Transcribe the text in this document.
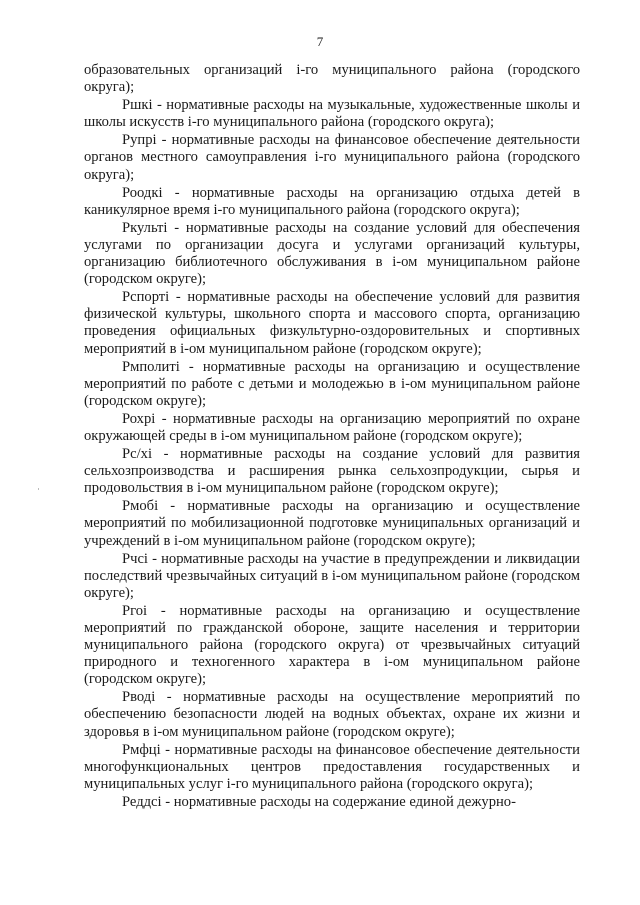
7

образовательных организаций i-го муниципального района (городского округа);

Ршкi - нормативные расходы на музыкальные, художественные школы и школы искусств i-го муниципального района (городского округа);

Рупрi - нормативные расходы на финансовое обеспечение деятельности органов местного самоуправления i-го муниципального района (городского округа);

Роодкi - нормативные расходы на организацию отдыха детей в каникулярное время i-го муниципального района (городского округа);

Ркультi - нормативные расходы на создание условий для обеспечения услугами по организации досуга и услугами организаций культуры, организацию библиотечного обслуживания в i-ом муниципальном районе (городском округе);

Рспортi - нормативные расходы на обеспечение условий для развития физической культуры, школьного спорта и массового спорта, организацию проведения официальных физкультурно-оздоровительных и спортивных мероприятий в i-ом муниципальном районе (городском округе);

Рмполитi - нормативные расходы на организацию и осуществление мероприятий по работе с детьми и молодежью в i-ом муниципальном районе (городском округе);

Рохрi - нормативные расходы на организацию мероприятий по охране окружающей среды в i-ом муниципальном районе (городском округе);

Рс/хi - нормативные расходы на создание условий для развития сельхозпроизводства и расширения рынка сельхозпродукции, сырья и продовольствия в i-ом муниципальном районе (городском округе);

Рмобi - нормативные расходы на организацию и осуществление мероприятий по мобилизационной подготовке муниципальных организаций и учреждений в i-ом муниципальном районе (городском округе);

Рчсi - нормативные расходы на участие в предупреждении и ликвидации последствий чрезвычайных ситуаций в i-ом муниципальном районе (городском округе);

Ргоi - нормативные расходы на организацию и осуществление мероприятий по гражданской обороне, защите населения и территории муниципального района (городского округа) от чрезвычайных ситуаций природного и техногенного характера в i-ом муниципальном районе (городском округе);

Рводi - нормативные расходы на осуществление мероприятий по обеспечению безопасности людей на водных объектах, охране их жизни и здоровья в i-ом муниципальном районе (городском округе);

Рмфцi - нормативные расходы на финансовое обеспечение деятельности многофункциональных центров предоставления государственных и муниципальных услуг i-го муниципального района (городского округа);

Реддсi - нормативные расходы на содержание единой дежурно-
